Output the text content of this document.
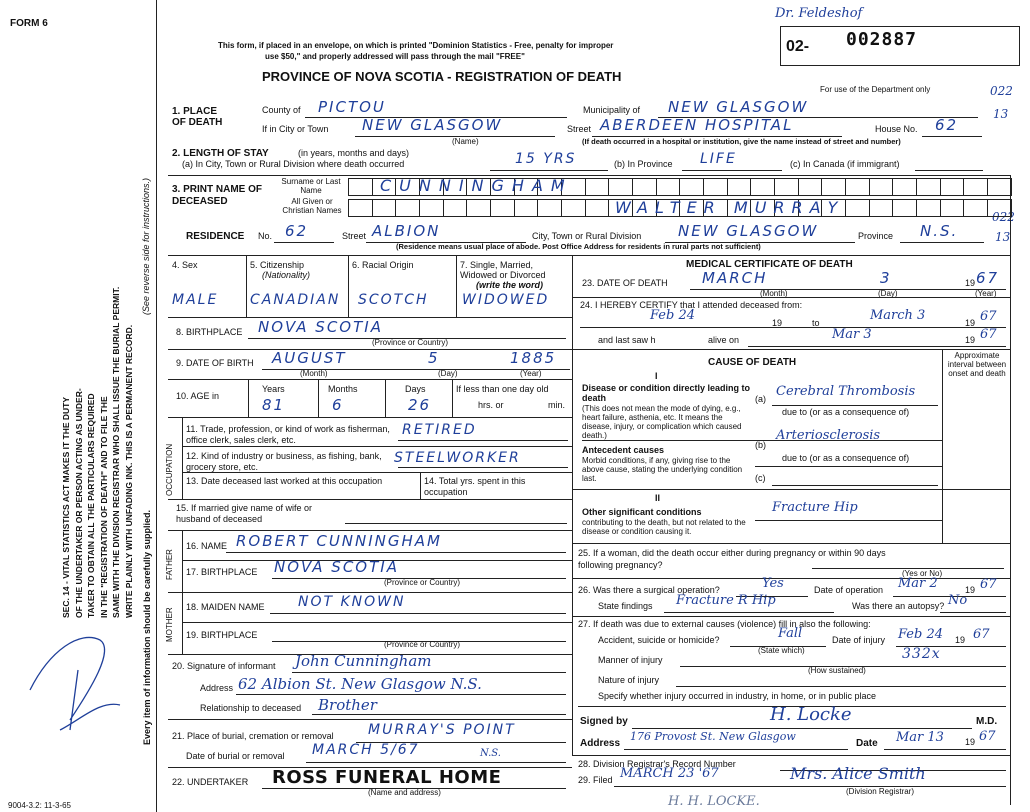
FORM 6
This form, if placed in an envelope, on which is printed "Dominion Statistics - Free, penalty for improper
use $50," and properly addressed will pass through the mail "FREE"
PROVINCE OF NOVA SCOTIA - REGISTRATION OF DEATH
02- 002887
Dr. Feldeshof
For use of the Department only	022
13
022
13
SEC. 14 - VITAL STATISTICS ACT MAKES IT THE DUTY OF THE UNDERTAKER OR PERSON ACTING AS UNDER- TAKER TO OBTAIN ALL THE PARTICULARS REQUIRED IN THE "REGISTRATION OF DEATH" AND TO FILE THE SAME WITH THE DIVISION REGISTRAR WHO SHALL ISSUE THE BURIAL PERMIT. WRITE PLAINLY WITH UNFADING INK. THIS IS A PERMANENT RECORD.
Every item of information should be carefully supplied.
(See reverse side for instructions.)
9004-3.2: 11-3-65
1. PLACE OF DEATH
County of PICTOU	Municipality of NEW GLASGOW
If in City or Town NEW GLASGOW
(Name)
Street ABERDEEN HOSPITAL	House No. 62
(If death occurred in a hospital or institution, give the name instead of street and number)
2. LENGTH OF STAY	(in years, months and days)
(a) In City, Town or Rural Division where death occurred	15 YRS	(b) In Province LIFE	(c) In Canada (if immigrant)
3. PRINT NAME OF DECEASED
Surname or Last Name	CUNNINGHAM
All Given or Christian Names	WALTER MURRAY
RESIDENCE No. 62	Street ALBION	City, Town or Rural Division NEW GLASGOW	Province N.S.
(Residence means usual place of abode. Post Office Address for residents in rural parts not sufficient)
4. Sex	5. Citizenship
(Nationality)
6. Racial Origin	7. Single, Married, Widowed or Divorced
(write the word)
MALE CANADIAN SCOTCH WIDOWED
8. BIRTHPLACE NOVA SCOTIA
(Province or Country)
9. DATE OF BIRTH AUGUST	5	1885
(Month)	(Day)	(Year)
10. AGE in
Years	Months	Days
81	6	26
If less than one day old
hrs. or	min.
OCCUPATION
11. Trade, profession, or kind of work as fisherman, office clerk, sales clerk, etc.
RETIRED
12. Kind of industry or business, as fishing, bank, grocery store, etc.
STEELWORKER
13. Date deceased last worked at this occupation	14. Total yrs. spent in this occupation
15. If married give name of wife or husband of deceased
FATHER
16. NAME ROBERT CUNNINGHAM
17. BIRTHPLACE NOVA SCOTIA
(Province or Country)
MOTHER
18. MAIDEN NAME NOT KNOWN
19. BIRTHPLACE
(Province or Country)
20. Signature of informant John Cunningham
Address 62 Albion St. New Glasgow N.S.
Relationship to deceased Brother
21. Place of burial, cremation or removal MURRAY'S POINT
Date of burial or removal MARCH 5/67	N.S.
22. UNDERTAKER ROSS FUNERAL HOME
(Name and address)
MEDICAL CERTIFICATE OF DEATH
23. DATE OF DEATH MARCH	3	19 67
(Month)	(Day)	(Year)
24. I HEREBY CERTIFY that I attended deceased from:
Feb 24	19	to	March 3	19 67
and last saw h	alive on	Mar 3	19 67
CAUSE OF DEATH
Approximate interval between onset and death
I
Disease or condition directly leading to death
(This does not mean the mode of dying, e.g., heart failure, asthenia, etc. It means the disease, injury, or complication which caused death.)
(a) Cerebral Thrombosis
due to (or as a consequence of)
Arteriosclerosis
(b)
Antecedent causes
Morbid conditions, if any, giving rise to the above cause, stating the underlying condition last.
due to (or as a consequence of)
(c)
II
Other significant conditions
contributing to the death, but not related to the disease or condition causing it.
Fracture Hip
25. If a woman, did the death occur either during pregnancy or within 90 days following pregnancy?
(Yes or No)
26. Was there a surgical operation?	Yes	Date of operation Mar 2	19 67
State findings Fracture R Hip	Was there an autopsy? No
27. If death was due to external causes (violence) fill in also the following:
Accident, suicide or homicide?	Fall
(State which)
Date of injury Feb 24 19 67
Manner of injury
(How sustained)
332x
Nature of injury
Specify whether injury occurred in industry, in home, or in public place
Signed by	H. Locke	M.D.
Address
176 Provost St. New Glasgow
Date Mar 13 19 67
28. Division Registrar's Record Number
29. Filed MARCH 23 '67	Mrs. Alice Smith
(Division Registrar)
H. H. LOCKE.
